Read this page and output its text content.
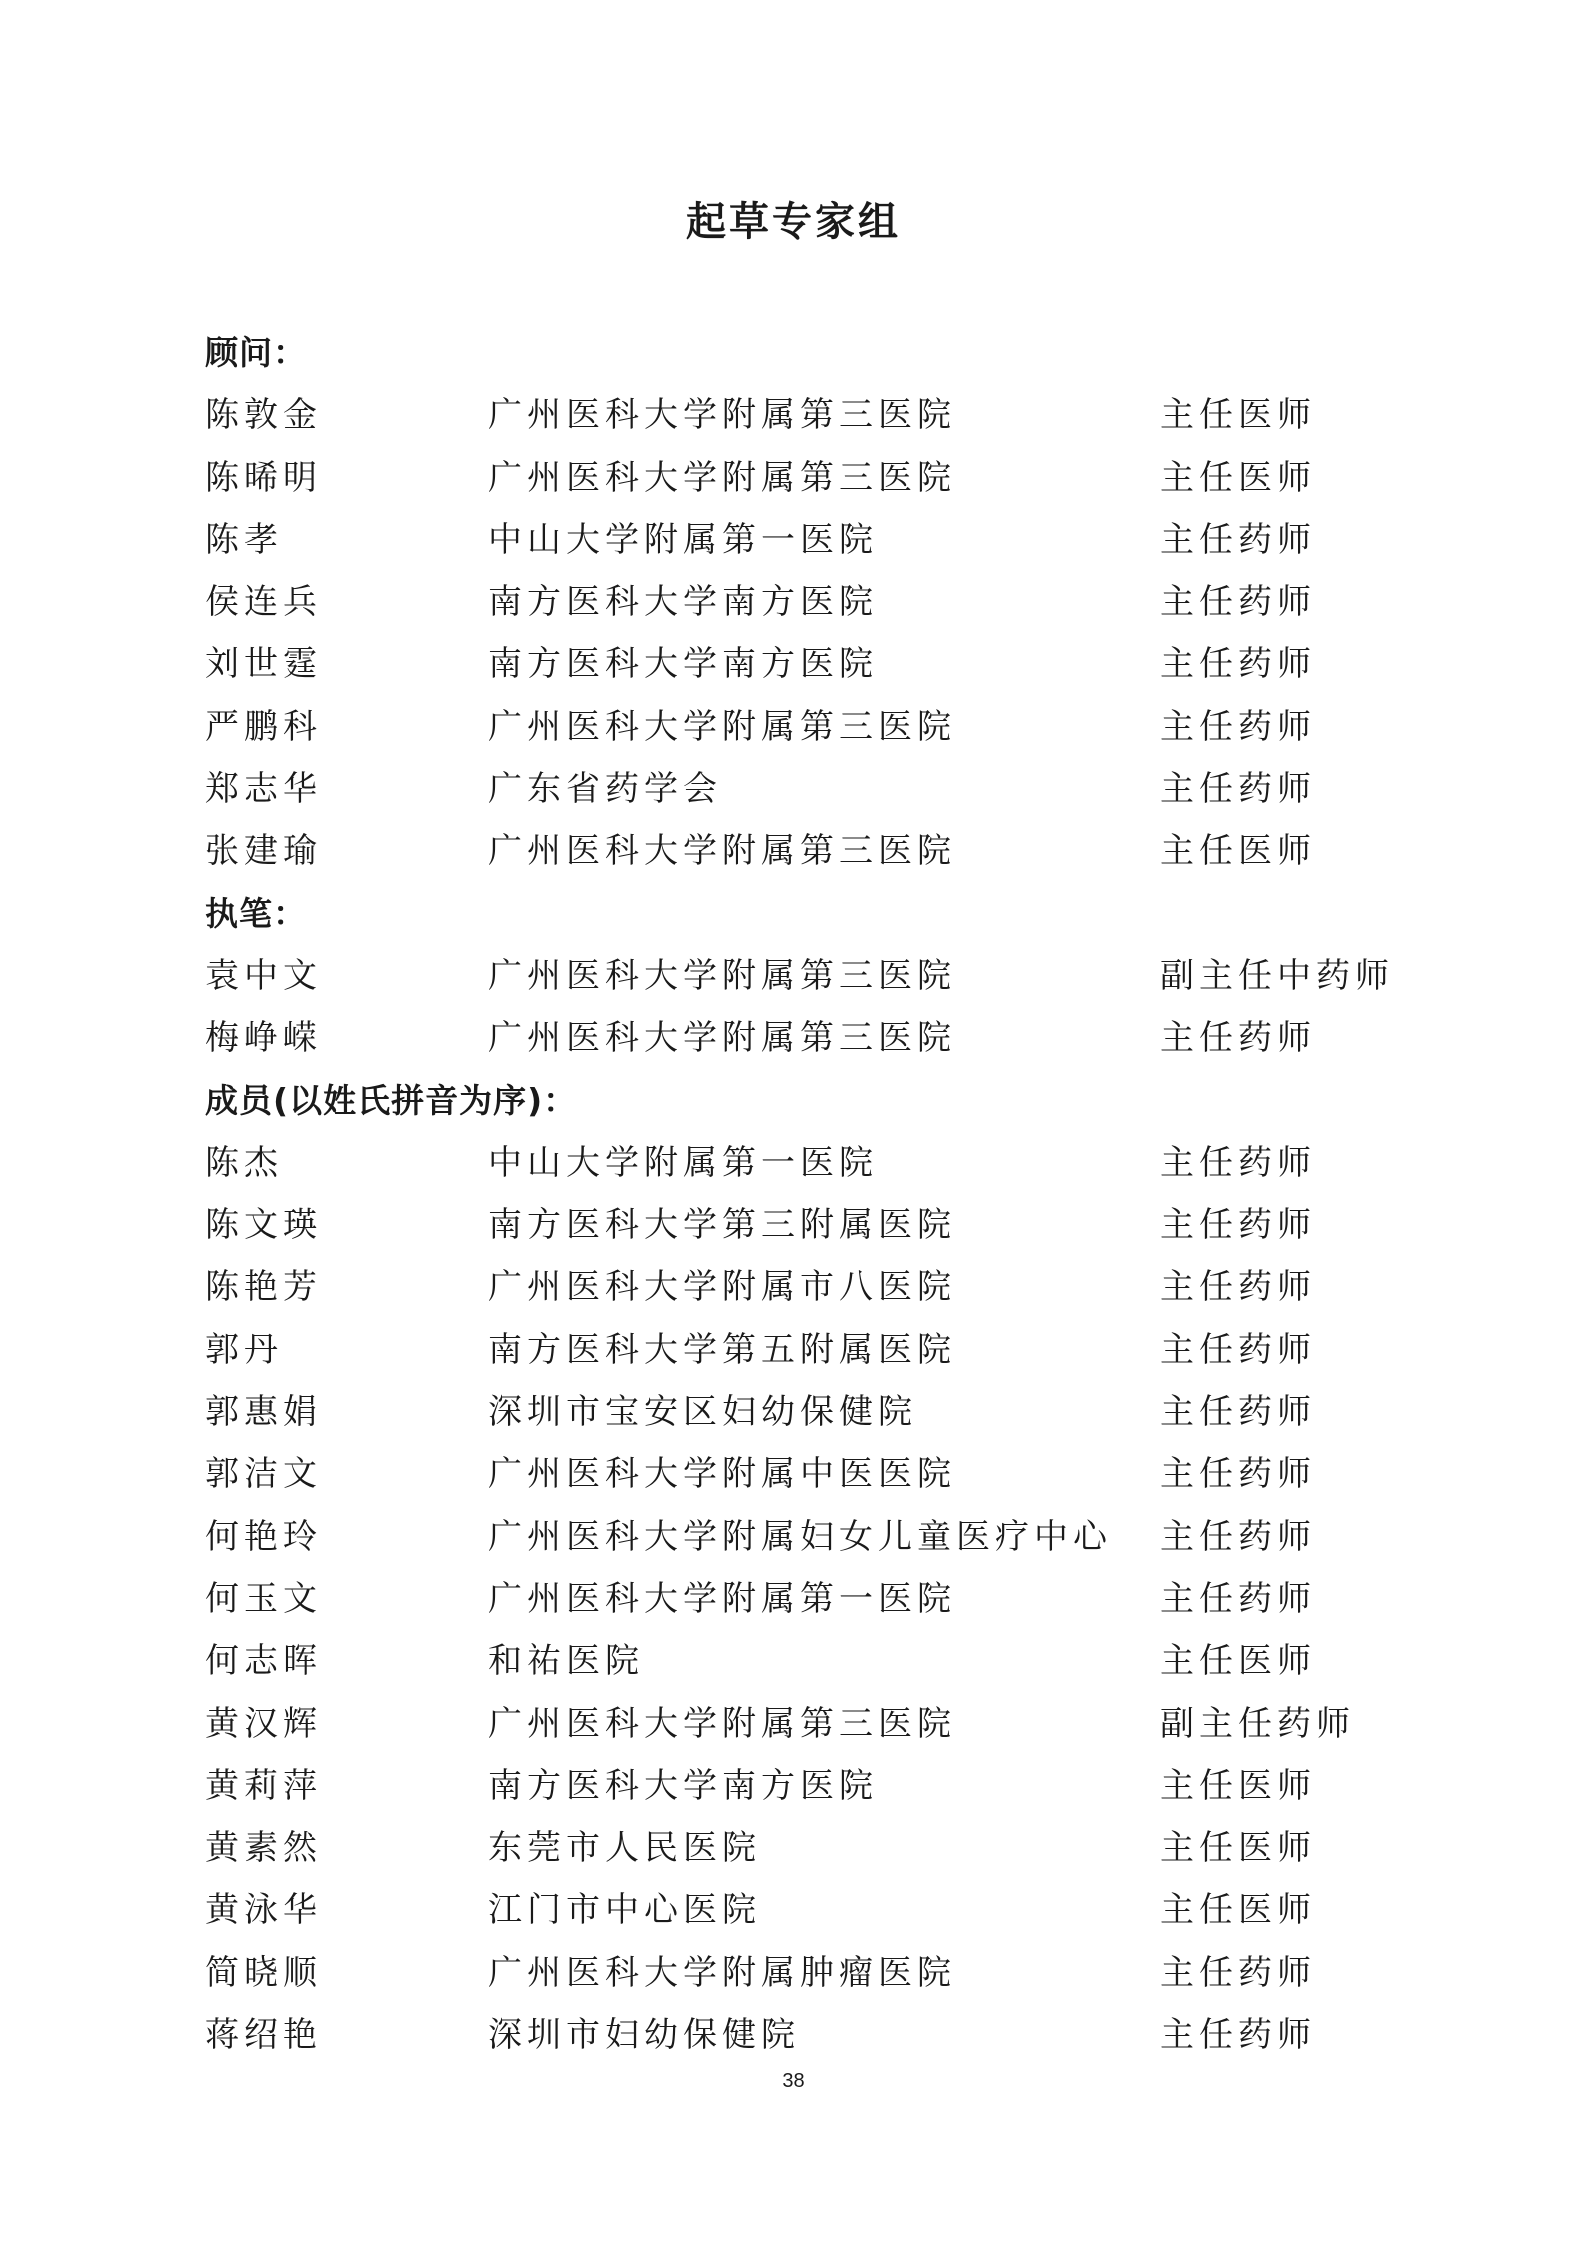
起草专家组
顾问：
陈敦金	广州医科大学附属第三医院	主任医师
陈晞明	广州医科大学附属第三医院	主任医师
陈孝	中山大学附属第一医院	主任药师
侯连兵	南方医科大学南方医院	主任药师
刘世霆	南方医科大学南方医院	主任药师
严鹏科	广州医科大学附属第三医院	主任药师
郑志华	广东省药学会	主任药师
张建瑜	广州医科大学附属第三医院	主任医师
执笔：
袁中文	广州医科大学附属第三医院	副主任中药师
梅峥嵘	广州医科大学附属第三医院	主任药师
成员(以姓氏拼音为序)：
陈杰	中山大学附属第一医院	主任药师
陈文瑛	南方医科大学第三附属医院	主任药师
陈艳芳	广州医科大学附属市八医院	主任药师
郭丹	南方医科大学第五附属医院	主任药师
郭惠娟	深圳市宝安区妇幼保健院	主任药师
郭洁文	广州医科大学附属中医医院	主任药师
何艳玲	广州医科大学附属妇女儿童医疗中心 主任药师
何玉文	广州医科大学附属第一医院	主任药师
何志晖	和祐医院	主任医师
黄汉辉	广州医科大学附属第三医院	副主任药师
黄莉萍	南方医科大学南方医院	主任医师
黄素然	东莞市人民医院	主任医师
黄泳华	江门市中心医院	主任医师
简晓顺	广州医科大学附属肿瘤医院	主任药师
蒋绍艳	深圳市妇幼保健院	主任药师
38
